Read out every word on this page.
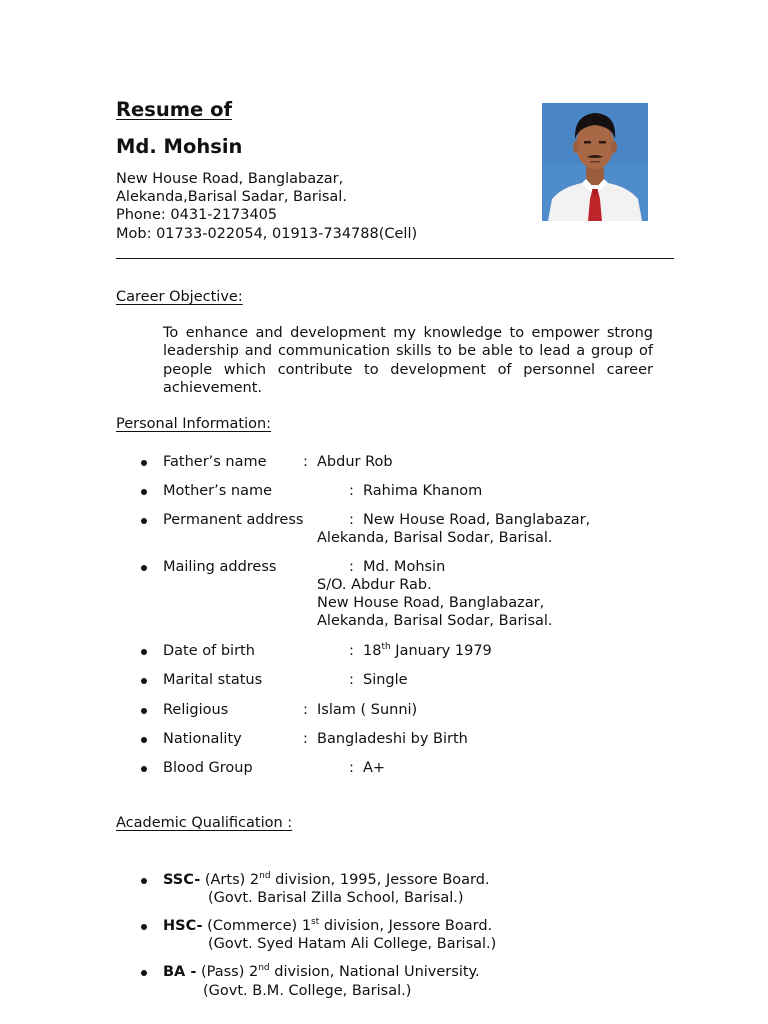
Resume of
Md. Mohsin
New House Road, Banglabazar,
Alekanda,Barisal Sadar, Barisal.
Phone: 0431-2173405
Mob: 01733-022054, 01913-734788(Cell)
Career Objective:
To enhance and development my knowledge to empower strong leadership and communication skills to be able to lead a group of people which contribute to development of personnel career achievement.
Personal Information:
Father’s name	: Abdur Rob
Mother’s name	: Rahima Khanom
Permanent address	: New House Road, Banglabazar,
Alekanda, Barisal Sodar, Barisal.
Mailing address	: Md. Mohsin
S/O. Abdur Rab.
New House Road, Banglabazar,
Alekanda, Barisal Sodar, Barisal.
Date of birth	: 18th January 1979
Marital status	: Single
Religious	: Islam ( Sunni)
Nationality	: Bangladeshi by Birth
Blood Group	: A+
Academic Qualification :
SSC- (Arts) 2nd division, 1995, Jessore Board.
(Govt. Barisal Zilla School, Barisal.)
HSC- (Commerce) 1st division, Jessore Board.
(Govt. Syed Hatam Ali College, Barisal.)
BA - (Pass) 2nd division, National University.
(Govt. B.M. College, Barisal.)
